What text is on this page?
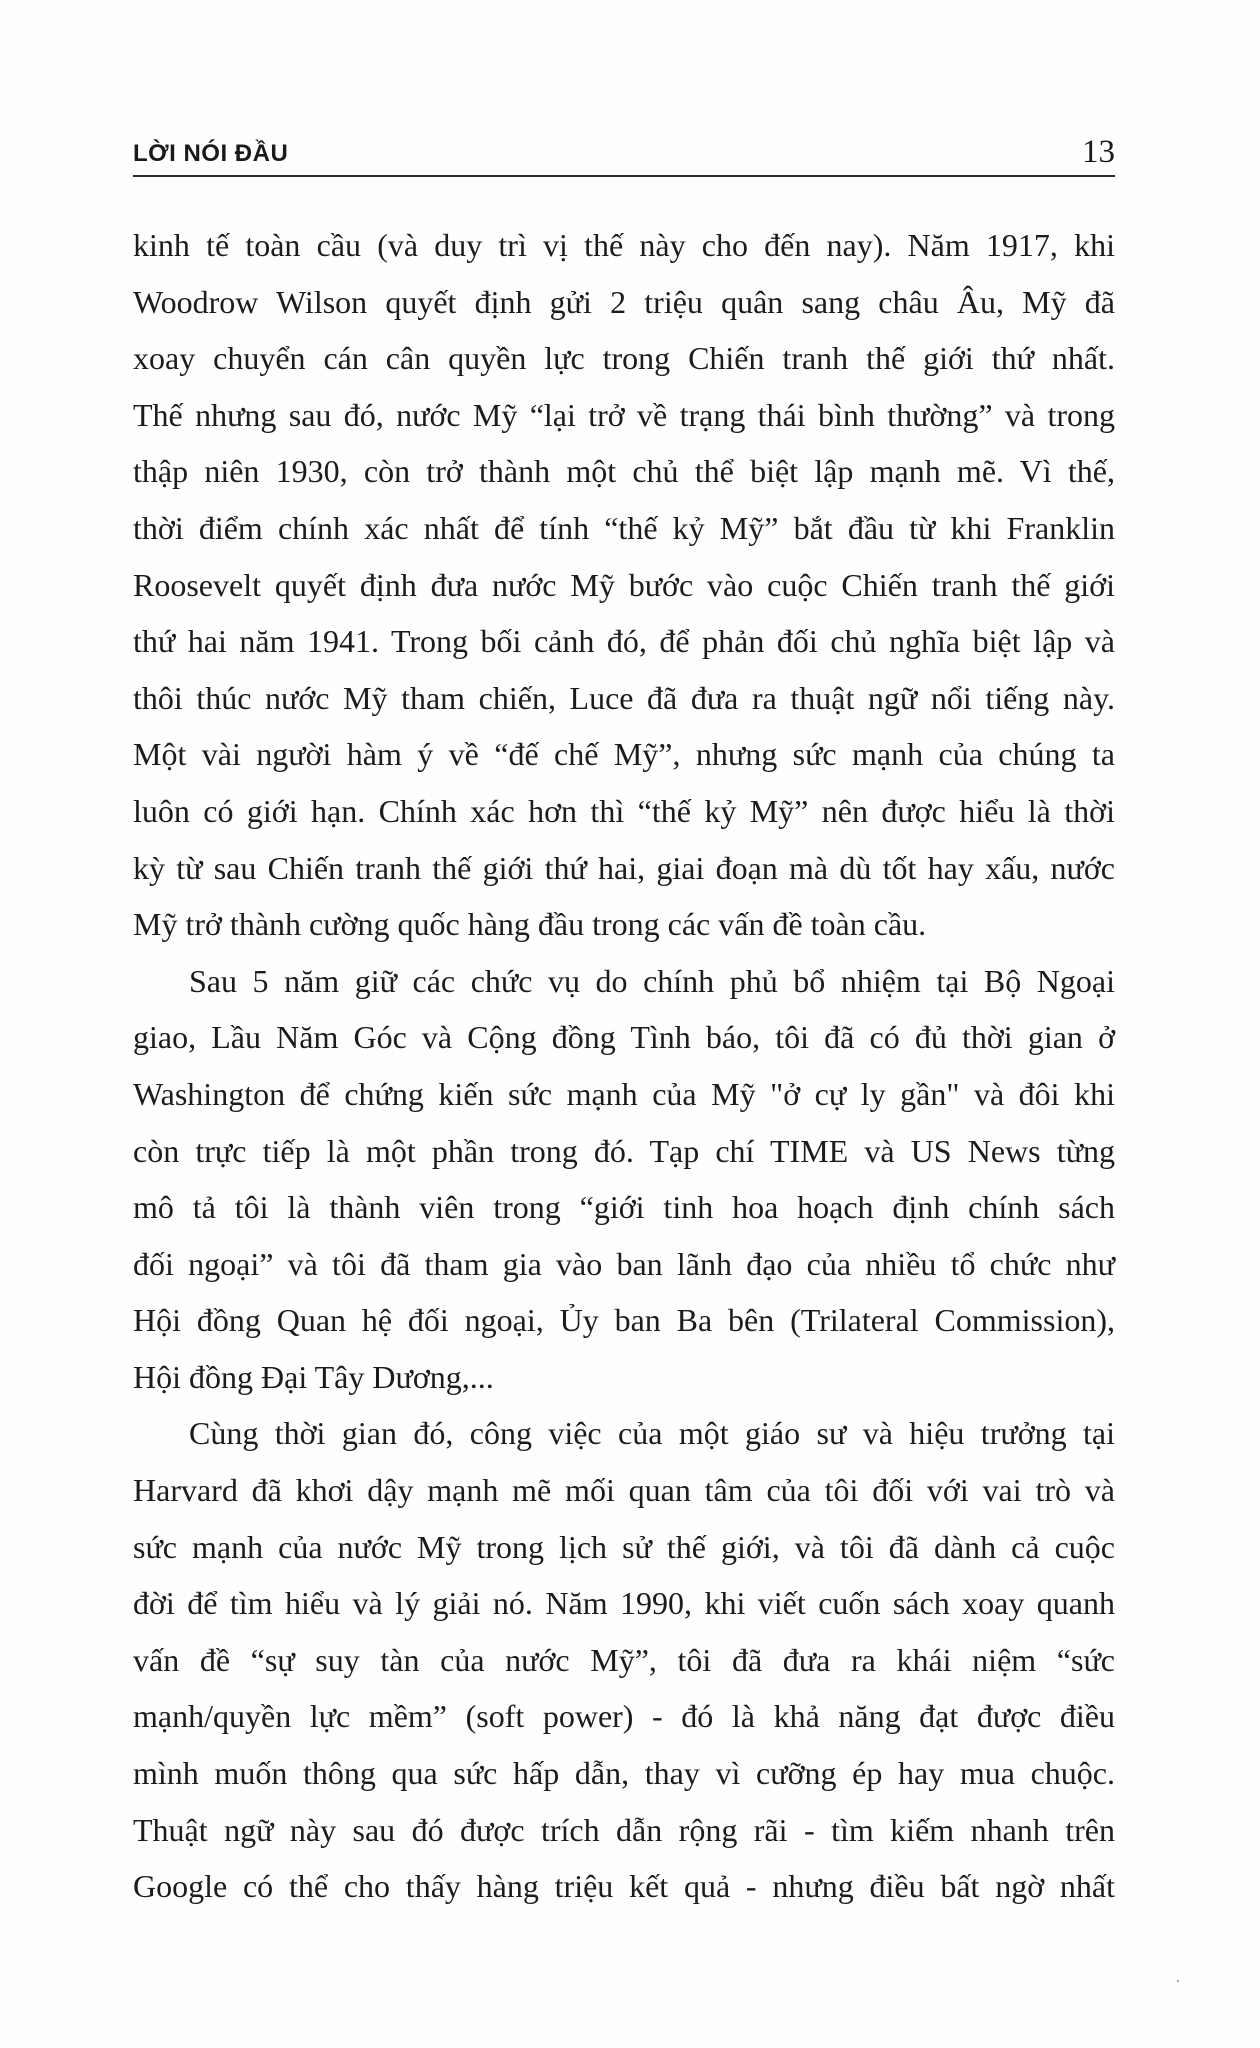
LỜI NÓI ĐẦU	13
kinh tế toàn cầu (và duy trì vị thế này cho đến nay). Năm 1917, khi
Woodrow Wilson quyết định gửi 2 triệu quân sang châu Âu, Mỹ đã
xoay chuyển cán cân quyền lực trong Chiến tranh thế giới thứ nhất.
Thế nhưng sau đó, nước Mỹ “lại trở về trạng thái bình thường” và trong
thập niên 1930, còn trở thành một chủ thể biệt lập mạnh mẽ. Vì thế,
thời điểm chính xác nhất để tính “thế kỷ Mỹ” bắt đầu từ khi Franklin
Roosevelt quyết định đưa nước Mỹ bước vào cuộc Chiến tranh thế giới
thứ hai năm 1941. Trong bối cảnh đó, để phản đối chủ nghĩa biệt lập và
thôi thúc nước Mỹ tham chiến, Luce đã đưa ra thuật ngữ nổi tiếng này.
Một vài người hàm ý về “đế chế Mỹ”, nhưng sức mạnh của chúng ta
luôn có giới hạn. Chính xác hơn thì “thế kỷ Mỹ” nên được hiểu là thời
kỳ từ sau Chiến tranh thế giới thứ hai, giai đoạn mà dù tốt hay xấu, nước
Mỹ trở thành cường quốc hàng đầu trong các vấn đề toàn cầu.
Sau 5 năm giữ các chức vụ do chính phủ bổ nhiệm tại Bộ Ngoại
giao, Lầu Năm Góc và Cộng đồng Tình báo, tôi đã có đủ thời gian ở
Washington để chứng kiến sức mạnh của Mỹ "ở cự ly gần" và đôi khi
còn trực tiếp là một phần trong đó. Tạp chí TIME và US News từng
mô tả tôi là thành viên trong “giới tinh hoa hoạch định chính sách
đối ngoại” và tôi đã tham gia vào ban lãnh đạo của nhiều tổ chức như
Hội đồng Quan hệ đối ngoại, Ủy ban Ba bên (Trilateral Commission),
Hội đồng Đại Tây Dương,...
Cùng thời gian đó, công việc của một giáo sư và hiệu trưởng tại
Harvard đã khơi dậy mạnh mẽ mối quan tâm của tôi đối với vai trò và
sức mạnh của nước Mỹ trong lịch sử thế giới, và tôi đã dành cả cuộc
đời để tìm hiểu và lý giải nó. Năm 1990, khi viết cuốn sách xoay quanh
vấn đề “sự suy tàn của nước Mỹ”, tôi đã đưa ra khái niệm “sức
mạnh/quyền lực mềm” (soft power) - đó là khả năng đạt được điều
mình muốn thông qua sức hấp dẫn, thay vì cưỡng ép hay mua chuộc.
Thuật ngữ này sau đó được trích dẫn rộng rãi - tìm kiếm nhanh trên
Google có thể cho thấy hàng triệu kết quả - nhưng điều bất ngờ nhất
